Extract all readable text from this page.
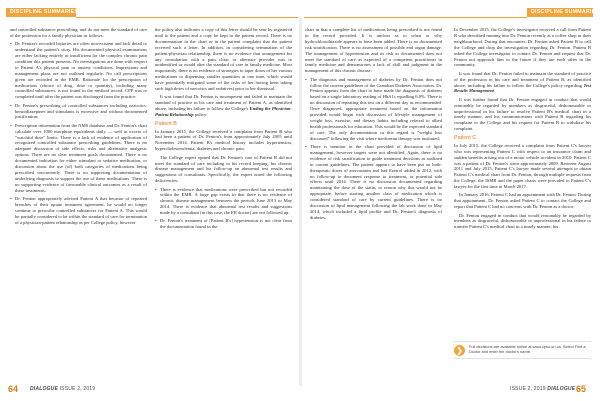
DISCIPLINE SUMMARIES	DISCIPLINE SUMMARIES

and controlled substance prescribing, and do not meet the standard of care of the profession for a family physician as follows:

• Dr. Fenton's recorded histories are often non-existent and lack detail to understand the patient's story. His documented physical examinations are either lacking entirely or insufficient for the complex chronic pain condition this patient presents. No investigations are done with respect to Patient A's physical pain or anxiety conditions. Impressions and management plans are not outlined regularly. No call prescriptions given are recorded in the EMR. Rationale for the prescription of medications (choice of drug, dose or quantity), including many controlled substances, is not found in the medical record. CPP was re completed until after the patient was discharged from the practice.
• Dr. Fenton's prescribing of controlled substances including narcotics, benzodiazepines and stimulants is excessive and without documented justification;
• Prescription information from the NMS database and Dr. Fenton's chart calculate over 1000 morphine equivalents daily — well in excess of "watchful dose" limits. There is a lack of evidence of application of recognized controlled substance prescribing guidelines. There is no adequate discussion of side effects, risks and alternative analgesic options. There are no clear treatment goals documented. There is no documented indication for either stimulant or sedative medication, or discussion about the use (of) both categories of medications being prescribed concurrently. There is no supporting documentation of underlying diagnosis to support the use of these medications. There is no supporting evidence of favourable clinical outcomes as a result of these treatments.
• Dr. Fenton appropriately advised Patient A that because of repeated breaches of their opiate treatment agreement, he would no longer continue to prescribe controlled substances for Patient A. This would be partially considered to be within the standard of care for termination of a physician-patient relationship as per College policy, however

the policy also indicates a copy of this letter should be sent by registered mail to the patient and a copy be kept in the patient record. There is no documentation in the chart or in the patient complaint that the patient received such a letter. In addition, in considering termination of the patient-physician relationship, there is no evidence that arrangement for any consultation with a pain clinic or alternate provider was to unidentified or would alter the standard of care in family medicine. Most importantly, there is no evidence of strategies to taper doses of her various medications or dispensing smaller quantities at one time, which would have potentially mitigated some of the risks of her having been taking such high doses of narcotics and sedatives) prior to her dismissal.

It was found that Dr. Fenton is incompetent and failed to maintain the standard of practice in his care and treatment of Patient A, as identified above, including his failure to follow the College's Ending the Physician-Patient Relationship policy.

Patient B

In January 2015, the College received a complaint from Patient B who had been a patient of Dr. Fenton's from approximately July 2005 until November 2014. Patient B's medical history includes hypertension, hypercholesterolemia, diabetes and chronic pain.

The College expert opined that Dr. Fenton's care of Patient B did not meet the standard of care including in his record keeping, his chronic disease management and his follow-up on abnormal test results and suggestions of consultants. Specifically, the expert noted the following deficiencies:

• There is evidence that medications were prescribed but not recorded within the EMR. A large gap exists in that there is no evidence of chronic disease management between the periods June 2013 to May 2014. There is evidence that abnormal test results and suggestions made by a consultant (in this case, the ER doctor) are not followed up.
• Dr. Fenton's treatment of [Patient B's] hypertension is not clear from the documentation found in the

chart in that a complete list of medications being prescribed is not found in the record provided. It is unclear as to when or why hydrochlorothiazide appears to have been added. There is no documented risk stratification. There is no assessment of possible end organ damage. The management of hypertension and its risk as documented does not meet the standard of care as expected of a competent practitioner in family medicine and demonstrates a lack of skill and judgment in the management of this chronic disease;

• The diagnosis and management of diabetes by Dr. Fenton does not follow the current guidelines of the Canadian Diabetes Association. Dr. Fenton appears from the chart to have made the diagnosis of diabetes based on a single laboratory reading of HbA1c equalling 6.0%. There is no discussion of repeating this test on a different day as recommended. Once diagnosed, appropriate treatment based on the information provided would begin with discussion of lifestyle management of weight loss, exercise, and dietary habits including referral to allied health professionals for education. This would be the expected standard of care. The only documentation in this regard is "weight loss discussed" following the visit where metformin therapy was instituted;
• There is mention in the chart provided of discussion of lipid management, however targets were not identified. Again, there is no evidence of risk stratification to guide treatment decisions as outlined in current guidelines. The patient appears to have been put on both-therapeutic doses of atorvastatin and had Ezetrol added in 2012, with no follow-up to document response to treatment, or potential side effects until 2014. There is no discussion documented regarding maintaining the dose of the statin, or reason why this would not be appropriate, before starting another class of medication which is considered standard of care by current guidelines. There is no discussion of lipid management following the lab work done in May 2014, which included a lipid profile and Dr. Fenton's diagnosis of diabetes.

In December 2015, the College's investigator received a call from Patient B who described running into Dr. Fenton recently at a coffee shop in their neighbourhood. During that encounter, Dr. Fenton asked Patient B to call the College and drop the investigation regarding Dr. Fenton. Patient B asked the College investigator to contact Dr. Fenton and request that Dr. Fenton not approach him in the future if they are each other in the community.

It was found that Dr. Fenton failed to maintain the standard of practice of the profession in his care and treatment of Patient B, as identified above, including his failure to follow the College's policy regarding Test Results Management.

It was further found that Dr. Fenton engaged in conduct that would reasonably be regarded by members as disgraceful, dishonourable or unprofessional in his failure to resolve Patient B's medical chart in a timely manner, and his communications with Patient B regarding his complaint to the College and his request for Patient B to withdraw his complaint.

Patient C

In July 2015, the College received a complaint from Patient C's lawyer who was representing Patient C with respect to an insurance claim and sudden benefits arising out of a motor vehicle accident in 2010. Patient C was a patient of Dr. Fenton's since approximately 2009. Between August 2011 and July 2015, Patient C's lawyer made several attempts to obtain Patient C's medical chart from Dr. Fenton, through multiple requests from the College, the ISMR and the paper charts were provided to Patient C's lawyer for the first time in March 2017.

In January 2016, Patient C had an appointment with Dr. Fenton. During that appointment, Dr. Fenton asked Patient C to contact the College and report that Patient C had no concerns with Dr. Fenton as a doctor.

Dr. Fenton engaged in conduct that would reasonably be regarded by members as disgraceful, dishonourable or unprofessional in his failure to transfer Patient C's medical chart in a timely manner; his

❯	Full decisions are available online at www.cpso.on.ca. Select Find a Doctor and enter the doctor's name.
64 DIALOGUE ISSUE 2, 2019	ISSUE 2, 2019 DIALOGUE 65
